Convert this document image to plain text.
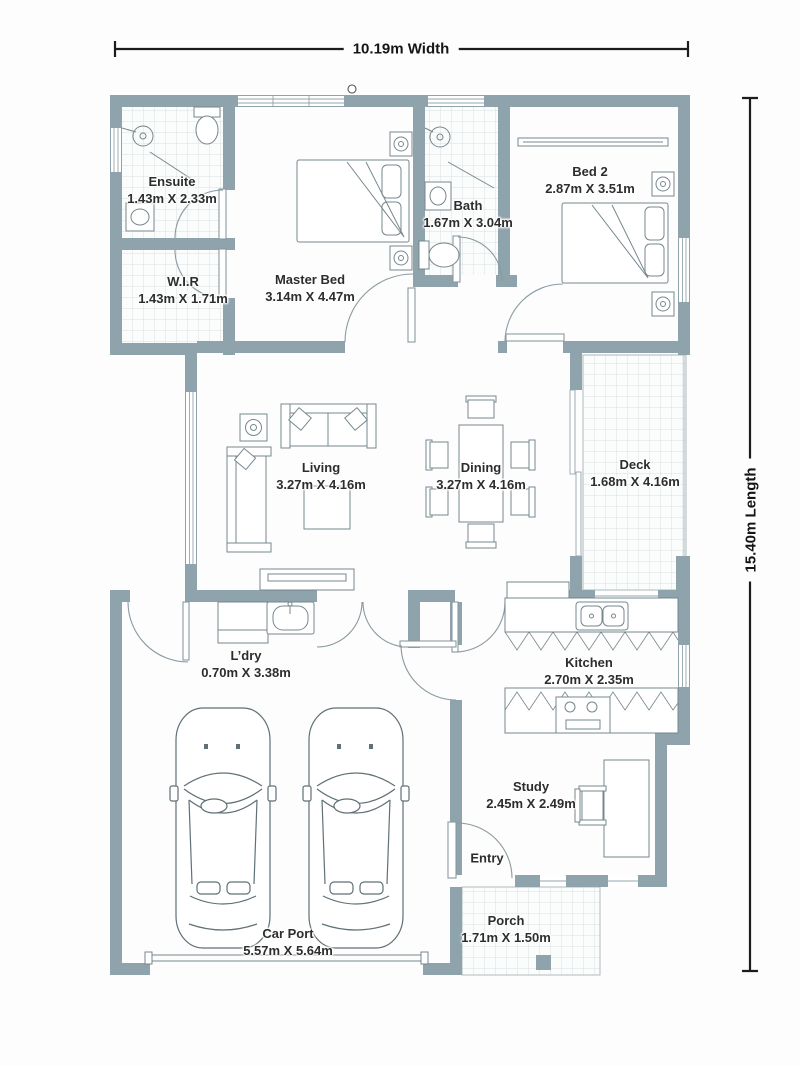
10.19m Width
15.40m Length
Ensuite
1.43m X 2.33m
W.I.R
1.43m X 1.71m
Master Bed
3.14m X 4.47m
Bath
1.67m X 3.04m
Bed 2
2.87m X 3.51m
Living
3.27m X 4.16m
Dining
3.27m X 4.16m
Deck
1.68m X 4.16m
L’dry
0.70m X 3.38m
Kitchen
2.70m X 2.35m
Study
2.45m X 2.49m
Entry
Porch
1.71m X 1.50m
Car Port
5.57m X 5.64m
